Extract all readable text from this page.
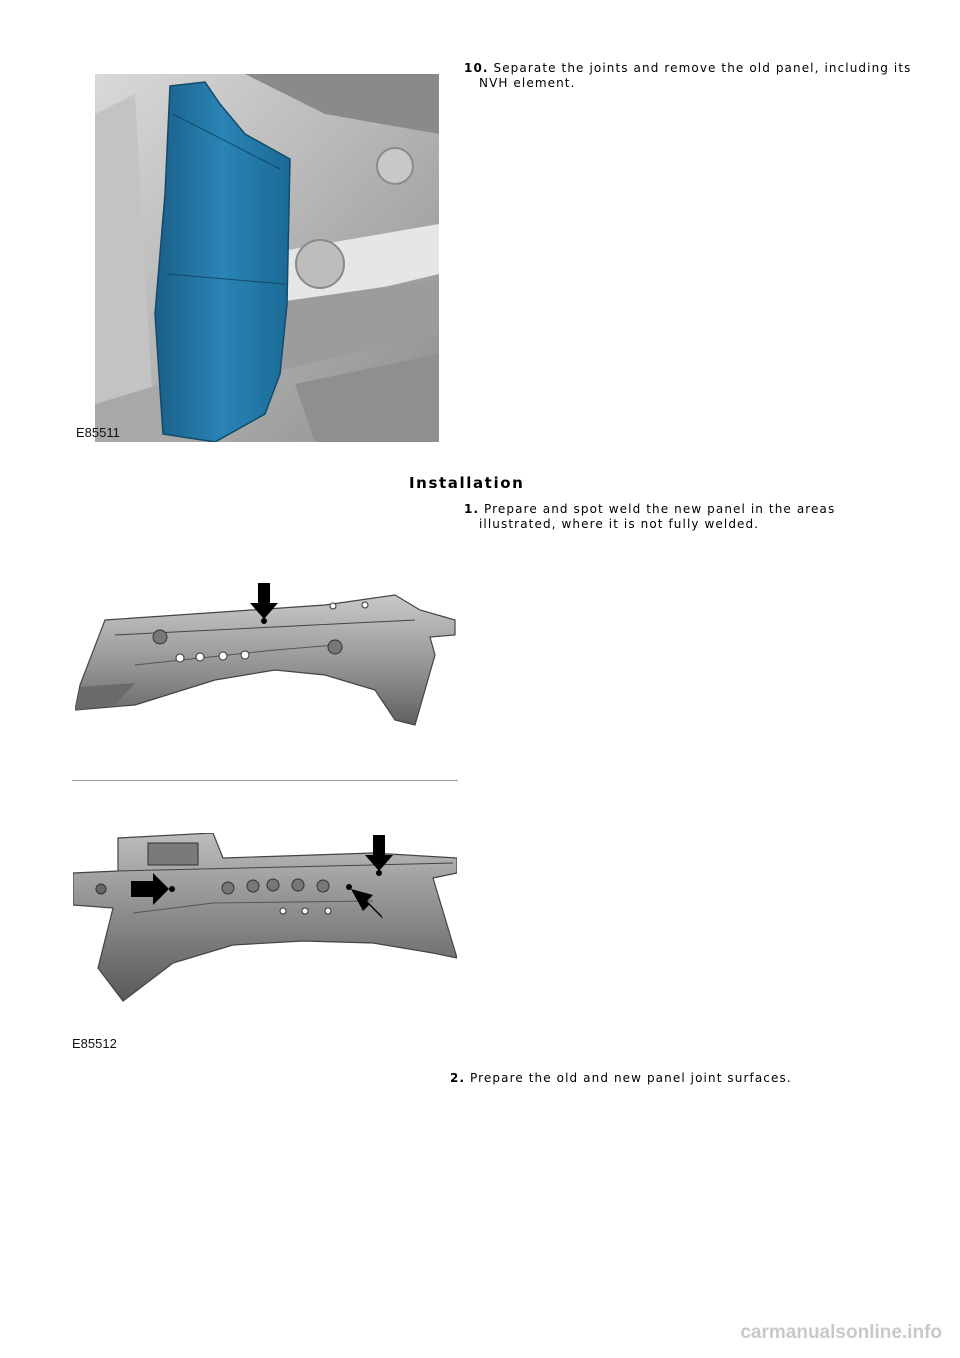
10. Separate the joints and remove the old panel, including its
NVH element.
E85511
Installation
1. Prepare and spot weld the new panel in the areas
illustrated, where it is not fully welded.
E85512
2. Prepare the old and new panel joint surfaces.
carmanualsonline.info
